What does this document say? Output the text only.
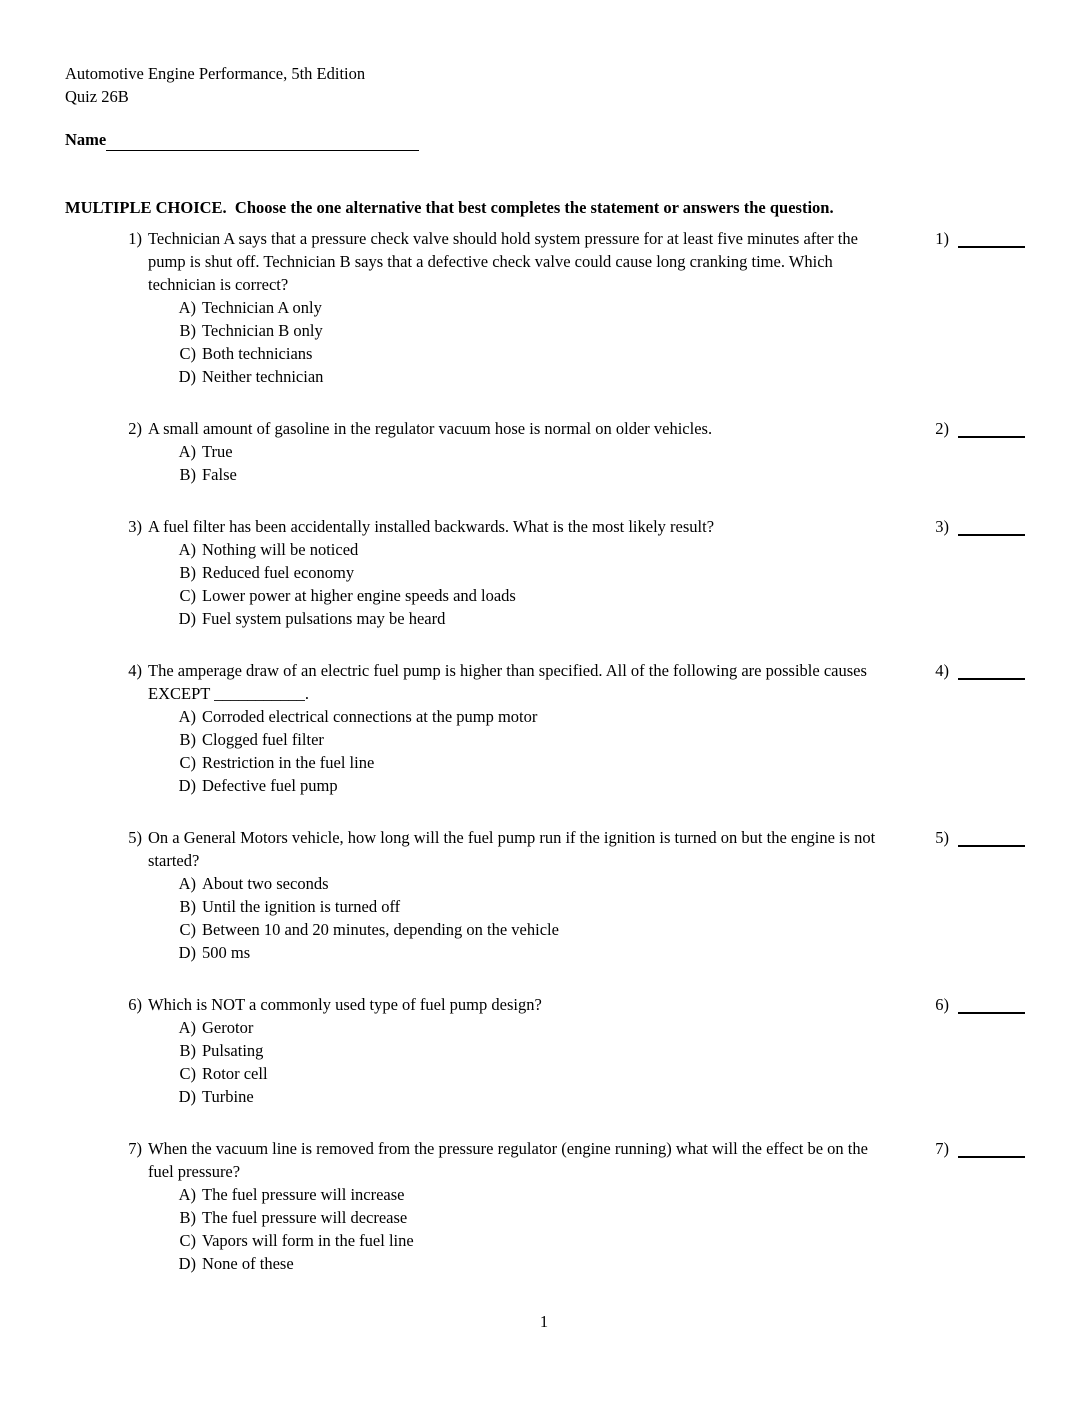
Automotive Engine Performance, 5th Edition
Quiz 26B
Name
MULTIPLE CHOICE.  Choose the one alternative that best completes the statement or answers the question.
1) Technician A says that a pressure check valve should hold system pressure for at least five minutes after the pump is shut off. Technician B says that a defective check valve could cause long cranking time. Which technician is correct?
A) Technician A only
B) Technician B only
C) Both technicians
D) Neither technician
1)
2) A small amount of gasoline in the regulator vacuum hose is normal on older vehicles.
A) True
B) False
2)
3) A fuel filter has been accidentally installed backwards. What is the most likely result?
A) Nothing will be noticed
B) Reduced fuel economy
C) Lower power at higher engine speeds and loads
D) Fuel system pulsations may be heard
3)
4) The amperage draw of an electric fuel pump is higher than specified. All of the following are possible causes EXCEPT ___________.
A) Corroded electrical connections at the pump motor
B) Clogged fuel filter
C) Restriction in the fuel line
D) Defective fuel pump
4)
5) On a General Motors vehicle, how long will the fuel pump run if the ignition is turned on but the engine is not started?
A) About two seconds
B) Until the ignition is turned off
C) Between 10 and 20 minutes, depending on the vehicle
D) 500 ms
5)
6) Which is NOT a commonly used type of fuel pump design?
A) Gerotor
B) Pulsating
C) Rotor cell
D) Turbine
6)
7) When the vacuum line is removed from the pressure regulator (engine running) what will the effect be on the fuel pressure?
A) The fuel pressure will increase
B) The fuel pressure will decrease
C) Vapors will form in the fuel line
D) None of these
7)
1
